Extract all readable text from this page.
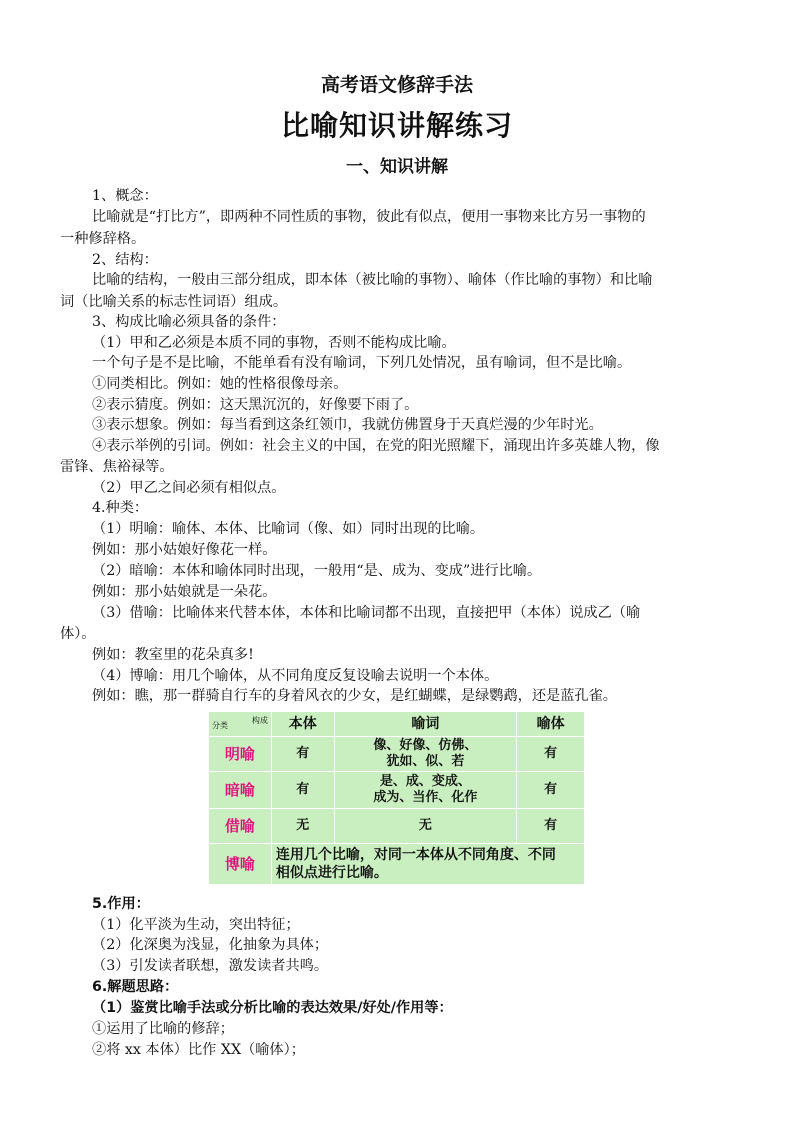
高考语文修辞手法
比喻知识讲解练习
一、知识讲解
1、概念：
比喻就是“打比方”，即两种不同性质的事物，彼此有似点，便用一事物来比方另一事物的
一种修辞格。
2、结构：
比喻的结构，一般由三部分组成，即本体（被比喻的事物）、喻体（作比喻的事物）和比喻
词（比喻关系的标志性词语）组成。
3、构成比喻必须具备的条件：
（1）甲和乙必须是本质不同的事物，否则不能构成比喻。
一个句子是不是比喻，不能单看有没有喻词，下列几处情况，虽有喻词，但不是比喻。
①同类相比。例如：她的性格很像母亲。
②表示猜度。例如：这天黑沉沉的，好像要下雨了。
③表示想象。例如：每当看到这条红领巾，我就仿佛置身于天真烂漫的少年时光。
④表示举例的引词。例如：社会主义的中国，在党的阳光照耀下，涌现出许多英雄人物，像
雷锋、焦裕禄等。
（2）甲乙之间必须有相似点。
4.种类：
（1）明喻：喻体、本体、比喻词（像、如）同时出现的比喻。
例如：那小姑娘好像花一样。
（2）暗喻：本体和喻体同时出现，一般用“是、成为、变成”进行比喻。
例如：那小姑娘就是一朵花。
（3）借喻：比喻体来代替本体，本体和比喻词都不出现，直接把甲（本体）说成乙（喻
体）。
例如：教室里的花朵真多!
（4）博喻：用几个喻体，从不同角度反复设喻去说明一个本体。
例如：瞧，那一群骑自行车的身着风衣的少女，是红蝴蝶，是绿鹦鹉，还是蓝孔雀。
构成
分类	本体	喻词	喻体
明喻	有	像、好像、仿佛、
犹如、似、若	有
暗喻	有	是、成、变成、
成为、当作、化作	有
借喻	无	无	有
博喻	连用几个比喻，对同一本体从不同角度、不同
相似点进行比喻。		
5.作用：
（1）化平淡为生动，突出特征；
（2）化深奥为浅显，化抽象为具体；
（3）引发读者联想，激发读者共鸣。
6.解题思路：
（1）鉴赏比喻手法或分析比喻的表达效果/好处/作用等：
①运用了比喻的修辞；
②将 xx 本体）比作 XX（喻体）；
